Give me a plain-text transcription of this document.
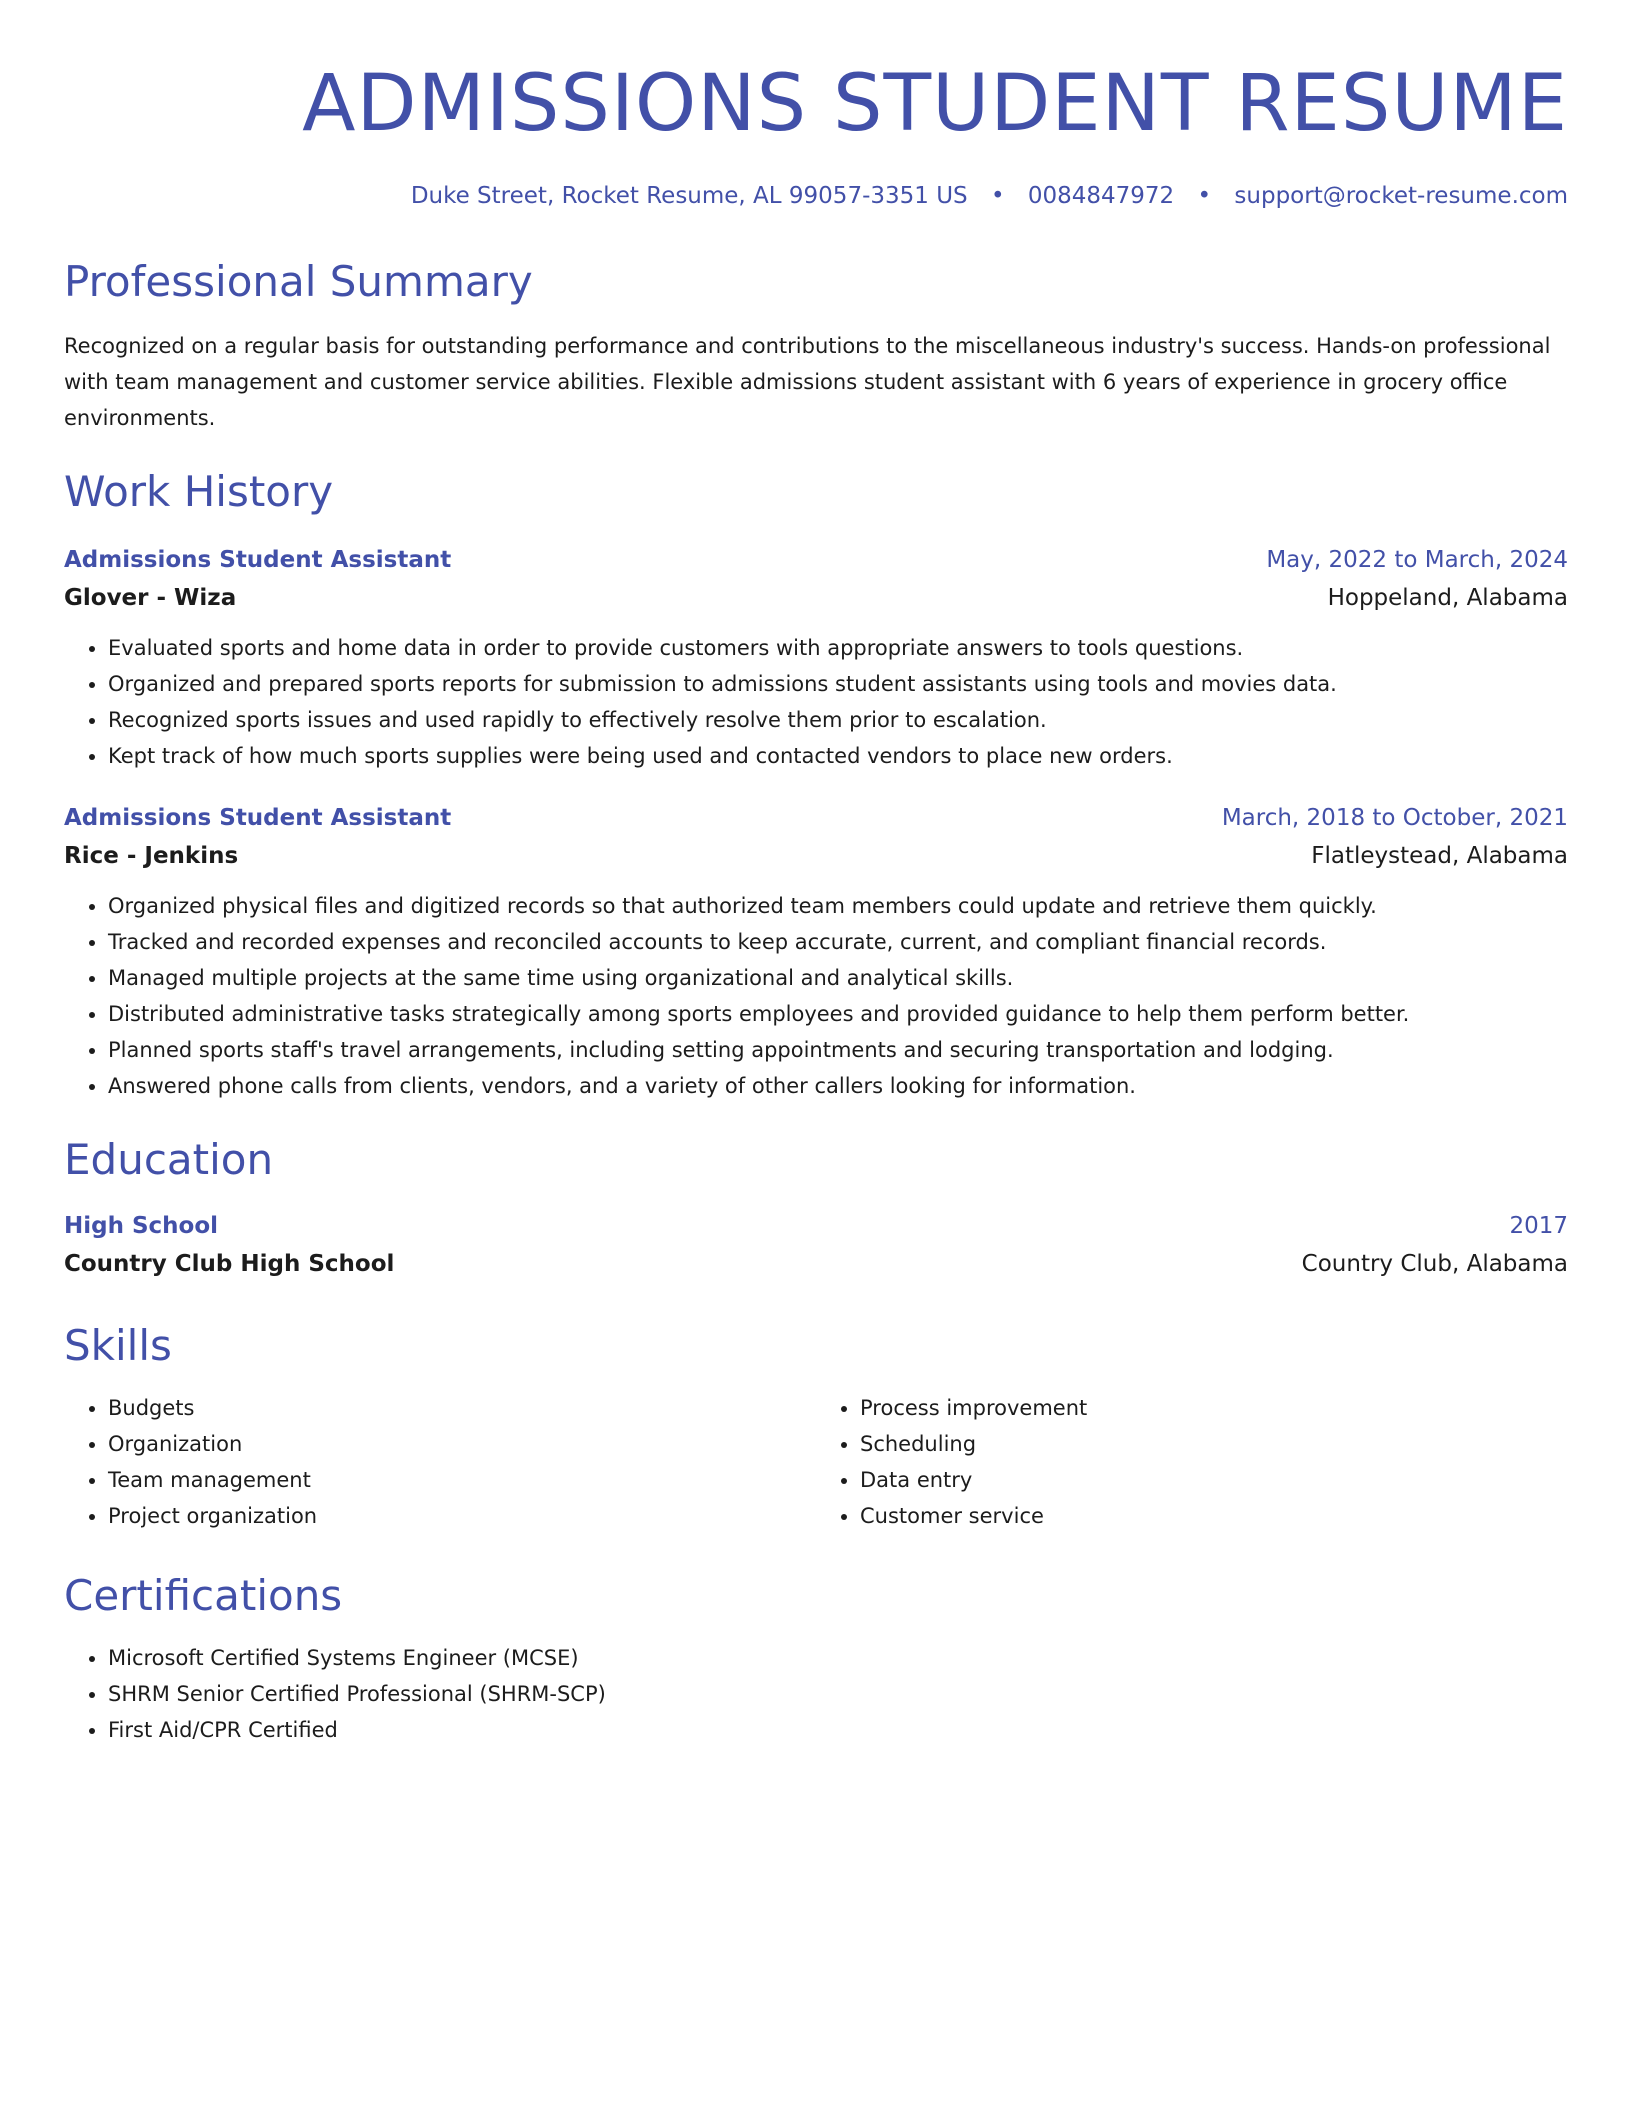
ADMISSIONS STUDENT RESUME
Duke Street, Rocket Resume, AL 99057-3351 US • 0084847972 • support@rocket-resume.com
Professional Summary
Recognized on a regular basis for outstanding performance and contributions to the miscellaneous industry's success. Hands-on professional with team management and customer service abilities. Flexible admissions student assistant with 6 years of experience in grocery office environments.
Work History
Admissions Student Assistant	May, 2022 to March, 2024
Glover - Wiza	Hoppeland, Alabama
• Evaluated sports and home data in order to provide customers with appropriate answers to tools questions.
• Organized and prepared sports reports for submission to admissions student assistants using tools and movies data.
• Recognized sports issues and used rapidly to effectively resolve them prior to escalation.
• Kept track of how much sports supplies were being used and contacted vendors to place new orders.
Admissions Student Assistant	March, 2018 to October, 2021
Rice - Jenkins	Flatleystead, Alabama
• Organized physical files and digitized records so that authorized team members could update and retrieve them quickly.
• Tracked and recorded expenses and reconciled accounts to keep accurate, current, and compliant financial records.
• Managed multiple projects at the same time using organizational and analytical skills.
• Distributed administrative tasks strategically among sports employees and provided guidance to help them perform better.
• Planned sports staff's travel arrangements, including setting appointments and securing transportation and lodging.
• Answered phone calls from clients, vendors, and a variety of other callers looking for information.
Education
High School	2017
Country Club High School	Country Club, Alabama
Skills
• Budgets
• Organization
• Team management
• Project organization
• Process improvement
• Scheduling
• Data entry
• Customer service
Certifications
• Microsoft Certified Systems Engineer (MCSE)
• SHRM Senior Certified Professional (SHRM-SCP)
• First Aid/CPR Certified
